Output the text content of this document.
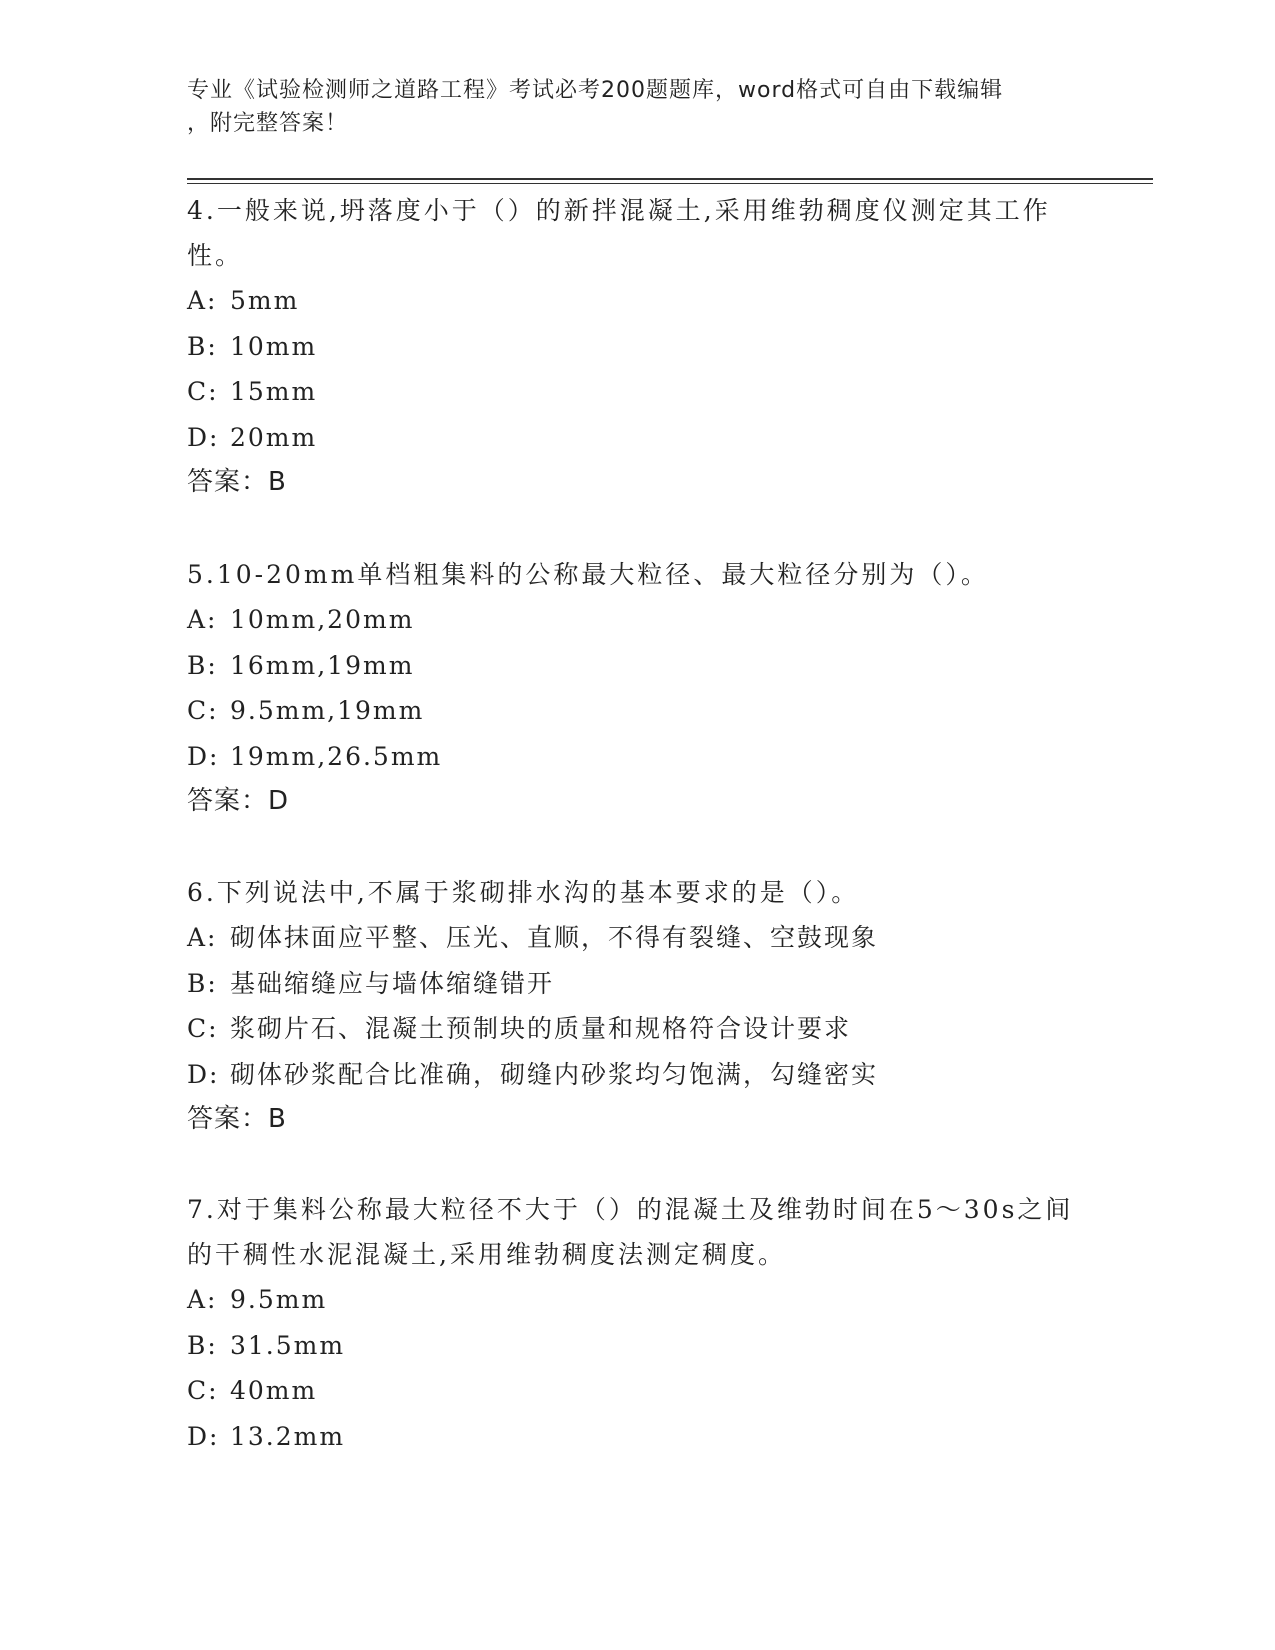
专业《试验检测师之道路工程》考试必考200题题库，word格式可自由下载编辑
，附完整答案！

4.一般来说,坍落度小于（）的新拌混凝土,采用维勃稠度仪测定其工作性。

A: 5mm

B: 10mm

C: 15mm

D: 20mm

答案：B

5.10-20mm单档粗集料的公称最大粒径、最大粒径分别为（）。

A: 10mm,20mm

B: 16mm,19mm

C: 9.5mm,19mm

D: 19mm,26.5mm

答案：D

6.下列说法中,不属于浆砌排水沟的基本要求的是（）。

A: 砌体抹面应平整、压光、直顺，不得有裂缝、空鼓现象

B: 基础缩缝应与墙体缩缝错开

C: 浆砌片石、混凝土预制块的质量和规格符合设计要求

D: 砌体砂浆配合比准确，砌缝内砂浆均匀饱满，勾缝密实

答案：B

7.对于集料公称最大粒径不大于（）的混凝土及维勃时间在5～30s之间的干稠性水泥混凝土,采用维勃稠度法测定稠度。

A: 9.5mm

B: 31.5mm

C: 40mm

D: 13.2mm
